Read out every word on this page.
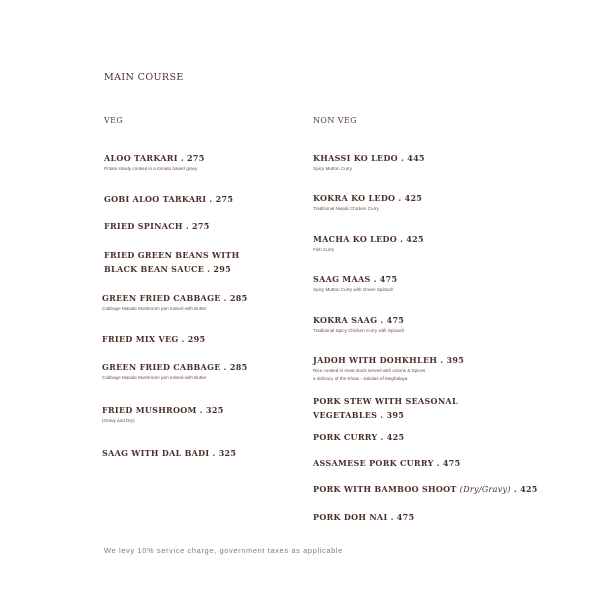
MAIN COURSE
VEG	NON VEG
ALOO TARKARI . 275
Potato slowly cooked in a tomato based gravy
GOBI ALOO TARKARI . 275
FRIED SPINACH . 275
FRIED GREEN BEANS WITH
BLACK BEAN SAUCE . 295
GREEN FRIED CABBAGE . 285
Cabbage Masala Mushroom pan tossed with Butter
FRIED MIX VEG . 295
GREEN FRIED CABBAGE . 285
Cabbage Masala Mushroom pan tossed with Butter
FRIED MUSHROOM . 325
(Gravy and Dry)
SAAG WITH DAL BADI . 325
KHASSI KO LEDO . 445
Spicy Mutton Curry
KOKRA KO LEDO . 425
Traditional Nepali Chicken Curry
MACHA KO LEDO . 425
Fish Curry
SAAG MAAS . 475
Spicy Mutton Curry with Green Spinach
KOKRA SAAG . 475
Traditional Spicy Chicken Curry with Spinach
JADOH WITH DOHKHLEH . 395
Rice cooked in meat stock served with onions & Spices
a delicacy of the Khasi - Jaintias of Meghalaya
PORK STEW WITH SEASONAL
VEGETABLES . 395
PORK CURRY . 425
ASSAMESE PORK CURRY . 475
PORK WITH BAMBOO SHOOT (Dry/Gravy) . 425
PORK DOH NAI . 475
We levy 10% service charge, government taxes as applicable
